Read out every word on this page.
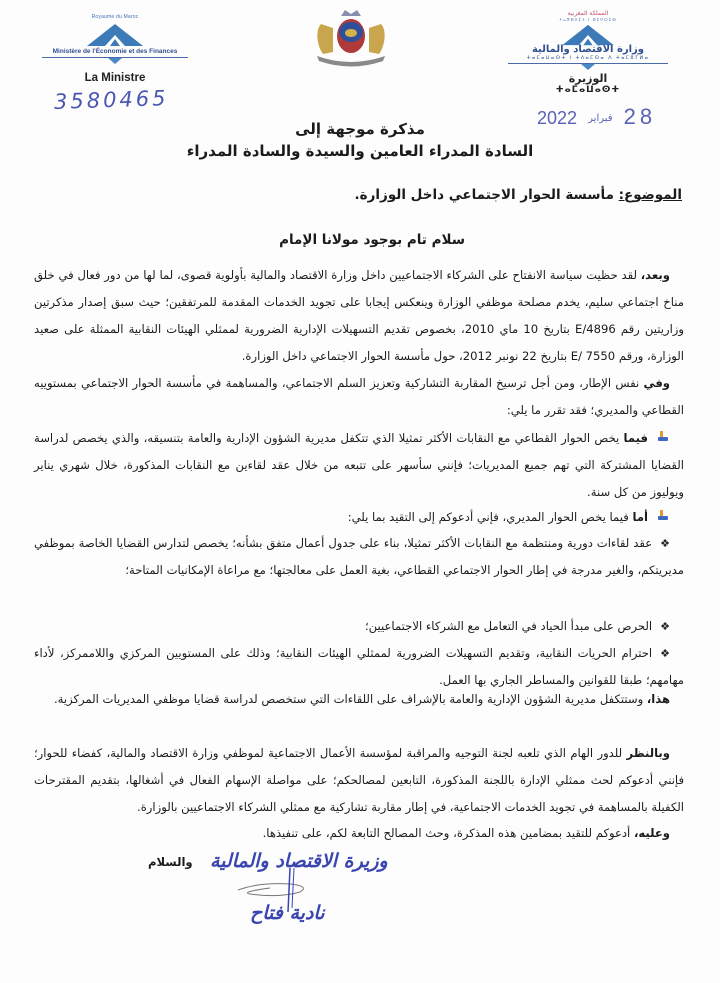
Royaume du Maroc
Ministère de l'Économie et des Finances
La Ministre
3580465
المملكة المغربية
ⵜⴰⴳⵍⴷⵉⵜ ⵏ ⵍⵎⵖⵔⵉⴱ
وزارة الاقتصاد والمالية
ⵜⴰⵎⴰⵡⴰⵙⵜ ⵏ ⵜⴷⴰⵎⵙⴰ ⴷ ⵜⴰⵎⵓⵢⵍⴰ
الوزيرة
ⵜⴰⵎⴰⵡⴰⵙⵜ
2022 فبراير 28
مذكرة موجهة إلى
السادة المدراء العامين والسيدة والسادة المدراء
الموضوع: مأسسة الحوار الاجتماعي داخل الوزارة.
سلام تام بوجود مولانا الإمام
وبعد، لقد حظيت سياسة الانفتاح على الشركاء الاجتماعيين داخل وزارة الاقتصاد والمالية بأولوية قصوى، لما لها من دور فعال في خلق مناخ اجتماعي سليم، يخدم مصلحة موظفي الوزارة وينعكس إيجابا على تجويد الخدمات المقدمة للمرتفقين؛ حيث سبق إصدار مذكرتين وزاريتين رقم 4896/E بتاريخ 10 ماي 2010، بخصوص تقديم التسهيلات الإدارية الضرورية لممثلي الهيئات النقابية الممثلة على صعيد الوزارة، ورقم E/ 7550 بتاريخ 22 نونبر 2012، حول مأسسة الحوار الاجتماعي داخل الوزارة.
وفي نفس الإطار، ومن أجل ترسيخ المقاربة التشاركية وتعزيز السلم الاجتماعي، والمساهمة في مأسسة الحوار الاجتماعي بمستوييه القطاعي والمديري؛ فقد تقرر ما يلي:
فيما يخص الحوار القطاعي مع النقابات الأكثر تمثيلا الذي تتكفل مديرية الشؤون الإدارية والعامة بتنسيقه، والذي يخصص لدراسة القضايا المشتركة التي تهم جميع المديريات؛ فإنني سأسهر على تتبعه من خلال عقد لقاءين مع النقابات المذكورة، خلال شهري يناير ويوليوز من كل سنة.
أما فيما يخص الحوار المديري، فإني أدعوكم إلى التقيد بما يلي:
❖عقد لقاءات دورية ومنتظمة مع النقابات الأكثر تمثيلا، بناء على جدول أعمال متفق بشأنه؛ يخصص لتدارس القضايا الخاصة بموظفي مديريتكم، والغير مدرجة في إطار الحوار الاجتماعي القطاعي، بغية العمل على معالجتها؛ مع مراعاة الإمكانيات المتاحة؛
❖الحرص على مبدأ الحياد في التعامل مع الشركاء الاجتماعيين؛
❖احترام الحريات النقابية، وتقديم التسهيلات الضرورية لممثلي الهيئات النقابية؛ وذلك على المستويين المركزي واللاممركز، لأداء مهامهم؛ طبقا للقوانين والمساطر الجاري بها العمل.
هذا، وستتكفل مديرية الشؤون الإدارية والعامة بالإشراف على اللقاءات التي ستخصص لدراسة قضايا موظفي المديريات المركزية.
وبالنظر للدور الهام الذي تلعبه لجنة التوجيه والمراقبة لمؤسسة الأعمال الاجتماعية لموظفي وزارة الاقتصاد والمالية، كفضاء للحوار؛ فإنني أدعوكم لحث ممثلي الإدارة باللجنة المذكورة، التابعين لمصالحكم؛ على مواصلة الإسهام الفعال في أشغالها، بتقديم المقترحات الكفيلة بالمساهمة في تجويد الخدمات الاجتماعية، في إطار مقاربة تشاركية مع ممثلي الشركاء الاجتماعيين بالوزارة.
وعليه، أدعوكم للتقيد بمضامين هذه المذكرة، وحث المصالح التابعة لكم، على تنفيذها.
والسلام وزيرة الاقتصاد والمالية
نادية فتاح
